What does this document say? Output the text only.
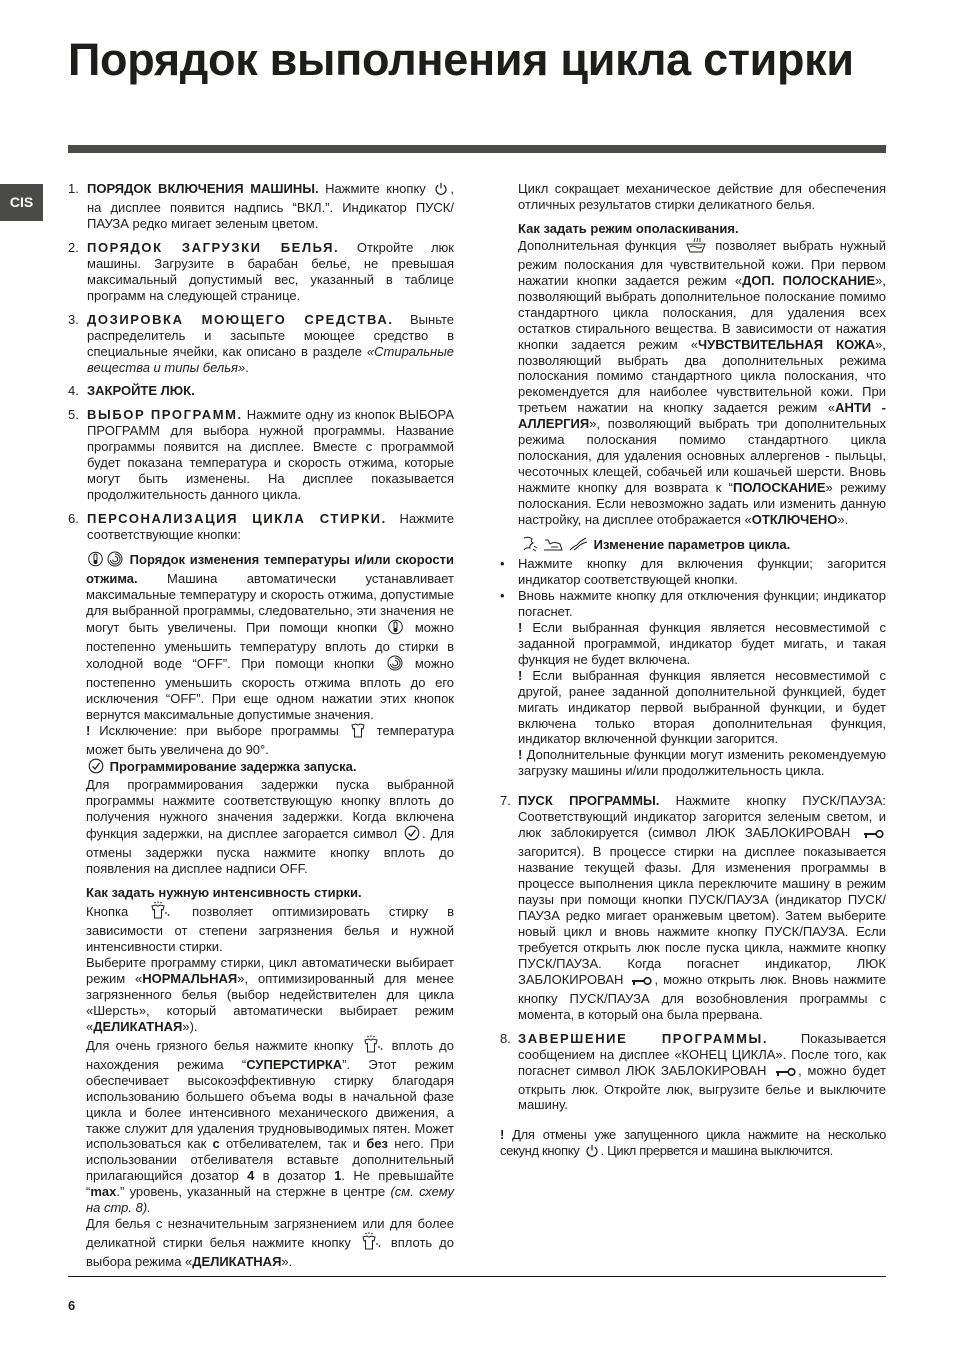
Порядок выполнения цикла стирки
CIS
1. ПОРЯДОК ВКЛЮЧЕНИЯ МАШИНЫ. Нажмите кнопку , на дисплее появится надпись “ВКЛ.”. Индикатор ПУСК/ ПАУЗА редко мигает зеленым цветом.
2. ПОРЯДОК ЗАГРУЗКИ БЕЛЬЯ. Откройте люк машины. Загрузите в барабан белье, не превышая максимальный допустимый вес, указанный в таблице программ на следующей странице.
3. ДОЗИРОВКА МОЮЩЕГО СРЕДСТВА. Выньте распределитель и засыпьте моющее средство в специальные ячейки, как описано в разделе «Стиральные вещества и типы белья».
4. ЗАКРОЙТЕ ЛЮК.
5. ВЫБОР ПРОГРАММ. Нажмите одну из кнопок ВЫБОРА ПРОГРАММ для выбора нужной программы. Название программы появится на дисплее. Вместе с программой будет показана температура и скорость отжима, которые могут быть изменены. На дисплее показывается продолжительность данного цикла.
6. ПЕРСОНАЛИЗАЦИЯ ЦИКЛА СТИРКИ. Нажмите соответствующие кнопки:
Порядок изменения температуры и/или скорости отжима. Машина автоматически устанавливает максимальные температуру и скорость отжима, допустимые для выбранной программы, следовательно, эти значения не могут быть увеличены. При помощи кнопки  можно постепенно уменьшить температуру вплоть до стирки в холодной воде “OFF”. При помощи кнопки  можно постепенно уменьшить скорость отжима вплоть до его исключения “OFF”. При еще одном нажатии этих кнопок вернутся максимальные допустимые значения.
! Исключение: при выборе программы  температура может быть увеличена до 90°.
Программирование задержка запуска.
Для программирования задержки пуска выбранной программы нажмите соответствующую кнопку вплоть до получения нужного значения задержки. Когда включена функция задержки, на дисплее загорается символ . Для отмены задержки пуска нажмите кнопку вплоть до появления на дисплее надписи OFF.
Как задать нужную интенсивность стирки.
Кнопка  позволяет оптимизировать стирку в зависимости от степени загрязнения белья и нужной интенсивности стирки.
Выберите программу стирки, цикл автоматически выбирает режим «НОРМАЛЬНАЯ», оптимизированный для менее загрязненного белья (выбор недействителен для цикла «Шерсть», который автоматически выбирает режим «ДЕЛИКАТНАЯ»).
Для очень грязного белья нажмите кнопку  вплоть до нахождения режима “СУПЕРСТИРКА”. Этот режим обеспечивает высокоэффективную стирку благодаря использованию большего объема воды в начальной фазе цикла и более интенсивного механического движения, а также служит для удаления трудновыводимых пятен. Может использоваться как с отбеливателем, так и без него. При использовании отбеливателя вставьте дополнительный прилагающийся дозатор 4 в дозатор 1. Не превышайте “max.” уровень, указанный на стержне в центре (см. схему на стр. 8).
Для белья с незначительным загрязнением или для более деликатной стирки белья нажмите кнопку  вплоть до выбора режима «ДЕЛИКАТНАЯ».
Цикл сокращает механическое действие для обеспечения отличных результатов стирки деликатного белья.
Как задать режим ополаскивания.
Дополнительная функция  позволяет выбрать нужный режим полоскания для чувствительной кожи. При первом нажатии кнопки задается режим «ДОП. ПОЛОСКАНИЕ», позволяющий выбрать дополнительное полоскание помимо стандартного цикла полоскания, для удаления всех остатков стирального вещества. В зависимости от нажатия кнопки задается режим «ЧУВСТВИТЕЛЬНАЯ КОЖА», позволяющий выбрать два дополнительных режима полоскания помимо стандартного цикла полоскания, что рекомендуется для наиболее чувствительной кожи. При третьем нажатии на кнопку задается режим «АНТИ - АЛЛЕРГИЯ», позволяющий выбрать три дополнительных режима полоскания помимо стандартного цикла полоскания, для удаления основных аллергенов - пыльцы, чесоточных клещей, собачьей или кошачьей шерсти. Вновь нажмите кнопку для возврата к “ПОЛОСКАНИЕ» режиму полоскания. Если невозможно задать или изменить данную настройку, на дисплее отображается «ОТКЛЮЧЕНО».
Изменение параметров цикла.
• Нажмите кнопку для включения функции; загорится индикатор соответствующей кнопки.
• Вновь нажмите кнопку для отключения функции; индикатор погаснет.
! Если выбранная функция является несовместимой с заданной программой, индикатор будет мигать, и такая функция не будет включена.
! Если выбранная функция является несовместимой с другой, ранее заданной дополнительной функцией, будет мигать индикатор первой выбранной функции, и будет включена только вторая дополнительная функция, индикатор включенной функции загорится.
! Дополнительные функции могут изменить рекомендуемую загрузку машины и/или продолжительность цикла.
7. ПУСК ПРОГРАММЫ. Нажмите кнопку ПУСК/ПАУЗА: Соответствующий индикатор загорится зеленым светом, и люк заблокируется (символ ЛЮК ЗАБЛОКИРОВАН  загорится). В процессе стирки на дисплее показывается название текущей фазы. Для изменения программы в процессе выполнения цикла переключите машину в режим паузы при помощи кнопки ПУСК/ПАУЗА (индикатор ПУСК/ПАУЗА редко мигает оранжевым цветом). Затем выберите новый цикл и вновь нажмите кнопку ПУСК/ПАУЗА. Если требуется открыть люк после пуска цикла, нажмите кнопку ПУСК/ПАУЗА. Когда погаснет индикатор, ЛЮК ЗАБЛОКИРОВАН , можно открыть люк. Вновь нажмите кнопку ПУСК/ПАУЗА для возобновления программы с момента, в который она была прервана.
8. ЗАВЕРШЕНИЕ ПРОГРАММЫ. Показывается сообщением на дисплее «КОНЕЦ ЦИКЛА». После того, как погаснет символ ЛЮК ЗАБЛОКИРОВАН , можно будет открыть люк. Откройте люк, выгрузите белье и выключите машину.
! Для отмены уже запущенного цикла нажмите на несколько секунд кнопку . Цикл прервется и машина выключится.
6
